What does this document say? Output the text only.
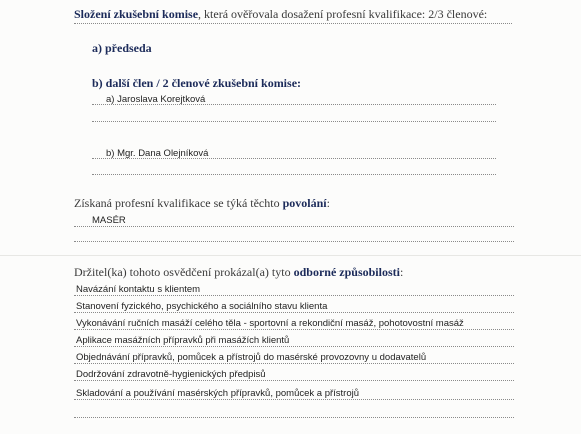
Složení zkušební komise, která ověřovala dosažení profesní kvalifikace: 2/3 členové:
a) předseda
b) další člen / 2 členové zkušební komise:
a) Jaroslava Korejtková
b) Mgr. Dana Olejníková
Získaná profesní kvalifikace se týká těchto povolání:
MASÉR
Držitel(ka) tohoto osvědčení prokázal(a) tyto odborné způsobilosti:
Navázání kontaktu s klientem
Stanovení fyzického, psychického a sociálního stavu klienta
Vykonávání ručních masáží celého těla - sportovní a rekondiční masáž, pohotovostní masáž
Aplikace masážních přípravků při masážích klientů
Objednávání přípravků, pomůcek a přístrojů do masérské provozovny u dodavatelů
Dodržování zdravotně-hygienických předpisů
Skladování a používání masérských přípravků, pomůcek a přístrojů
